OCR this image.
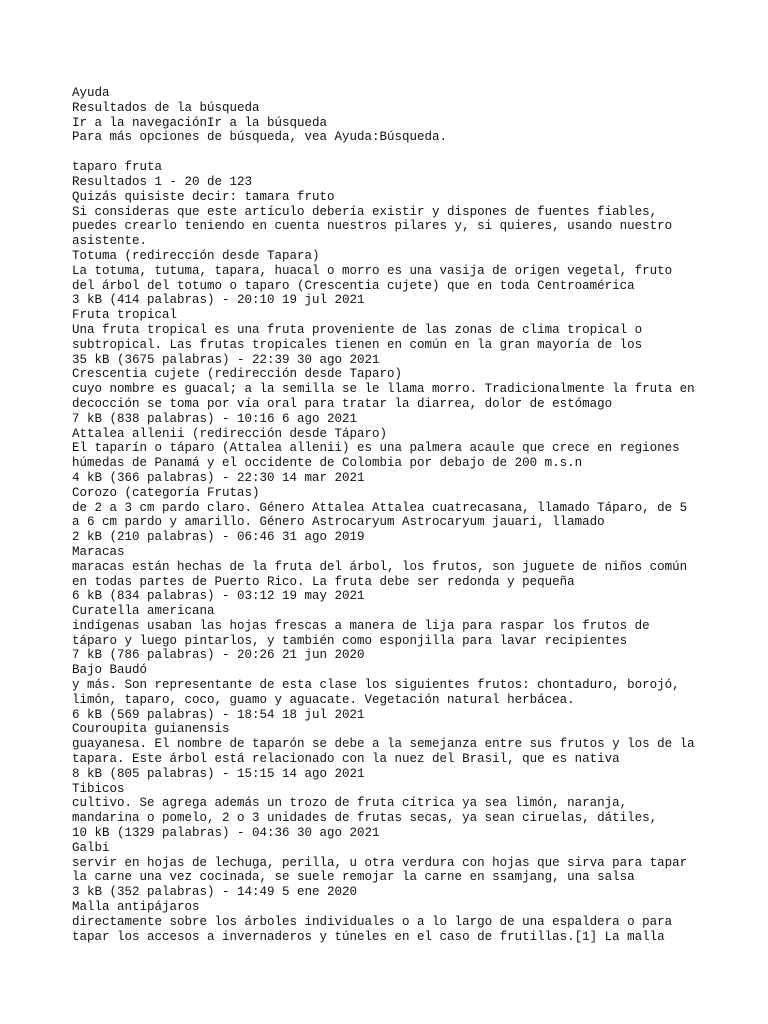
Ayuda
Resultados de la búsqueda
Ir a la navegaciónIr a la búsqueda
Para más opciones de búsqueda, vea Ayuda:Búsqueda.
taparo fruta
Resultados 1 - 20 de 123
Quizás quisiste decir: tamara fruto
Si consideras que este artículo debería existir y dispones de fuentes fiables,
puedes crearlo teniendo en cuenta nuestros pilares y, si quieres, usando nuestro
asistente.
Totuma (redirección desde Tapara)
La totuma, tutuma, tapara, huacal o morro es una vasija de origen vegetal, fruto
del árbol del totumo o taparo (Crescentia cujete) que en toda Centroamérica
3 kB (414 palabras) - 20:10 19 jul 2021
Fruta tropical
Una fruta tropical es una fruta proveniente de las zonas de clima tropical o
subtropical. Las frutas tropicales tienen en común en la gran mayoría de los
35 kB (3675 palabras) - 22:39 30 ago 2021
Crescentia cujete (redirección desde Taparo)
cuyo nombre es guacal; a la semilla se le llama morro. Tradicionalmente la fruta en
decocción se toma por vía oral para tratar la diarrea, dolor de estómago
7 kB (838 palabras) - 10:16 6 ago 2021
Attalea allenii (redirección desde Táparo)
El taparín o táparo (Attalea allenii) es una palmera acaule que crece en regiones
húmedas de Panamá y el occidente de Colombia por debajo de 200 m.s.n
4 kB (366 palabras) - 22:30 14 mar 2021
Corozo (categoría Frutas)
de 2 a 3 cm pardo claro. Género Attalea Attalea cuatrecasana, llamado Táparo, de 5
a 6 cm pardo y amarillo. Género Astrocaryum Astrocaryum jauari, llamado
2 kB (210 palabras) - 06:46 31 ago 2019
Maracas
maracas están hechas de la fruta del árbol, los frutos, son juguete de niños común
en todas partes de Puerto Rico. La fruta debe ser redonda y pequeña
6 kB (834 palabras) - 03:12 19 may 2021
Curatella americana
indígenas usaban las hojas frescas a manera de lija para raspar los frutos de
táparo y luego pintarlos, y también como esponjilla para lavar recipientes
7 kB (786 palabras) - 20:26 21 jun 2020
Bajo Baudó
y más. Son representante de esta clase los siguientes frutos: chontaduro, borojó,
limón, taparo, coco, guamo y aguacate. Vegetación natural herbácea.
6 kB (569 palabras) - 18:54 18 jul 2021
Couroupita guianensis
guayanesa. El nombre de taparón se debe a la semejanza entre sus frutos y los de la
tapara. Este árbol está relacionado con la nuez del Brasil, que es nativa
8 kB (805 palabras) - 15:15 14 ago 2021
Tibicos
cultivo. Se agrega además un trozo de fruta cítrica ya sea limón, naranja,
mandarina o pomelo, 2 o 3 unidades de frutas secas, ya sean ciruelas, dátiles,
10 kB (1329 palabras) - 04:36 30 ago 2021
Galbi
servir en hojas de lechuga, perilla, u otra verdura con hojas que sirva para tapar
la carne una vez cocinada, se suele remojar la carne en ssamjang, una salsa
3 kB (352 palabras) - 14:49 5 ene 2020
Malla antipájaros
directamente sobre los árboles individuales o a lo largo de una espaldera o para
tapar los accesos a invernaderos y túneles en el caso de frutillas.[1] La malla
